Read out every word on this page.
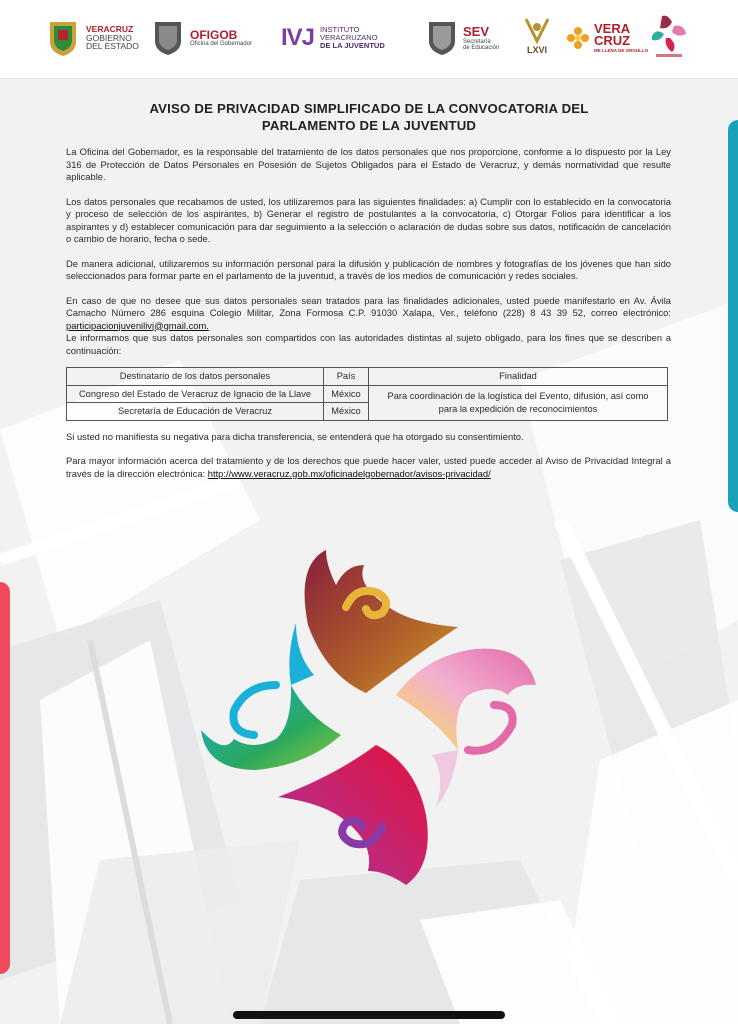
VERACRUZ
GOBIERNO
DEL ESTADO
OFIGOB
Oficina del Gobernador IVJ INSTITUTO
VERACRUZANO
DE LA JUVENTUD
SEV
Secretaría
de Educación	LXVI
VERA
CRUZ
ME LLENA DE ORGULLO
AVISO DE PRIVACIDAD SIMPLIFICADO DE LA CONVOCATORIA DEL
PARLAMENTO DE LA JUVENTUD

La Oficina del Gobernador, es la responsable del tratamiento de los datos personales que nos proporcione, conforme a lo dispuesto por la Ley 316 de Protección de Datos Personales en Posesión de Sujetos Obligados para el Estado de Veracruz, y demás normatividad que resulte aplicable.

Los datos personales que recabamos de usted, los utilizaremos para las siguientes finalidades: a) Cumplir con lo establecido en la convocatoria y proceso de selección de los aspirantes, b) Generar el registro de postulantes a la convocatoria, c) Otorgar Folios para identificar a los aspirantes y d) establecer comunicación para dar seguimiento a la selección o aclaración de dudas sobre sus datos, notificación de cancelación o cambio de horario, fecha o sede.

De manera adicional, utilizaremos su información personal para la difusión y publicación de nombres y fotografías de los jóvenes que han sido seleccionados para formar parte en el parlamento de la juventud, a través de los medios de comunicación y redes sociales.

En caso de que no desee que sus datos personales sean tratados para las finalidades adicionales, usted puede manifestarlo en Av. Ávila Camacho Número 286 esquina Colegio Militar, Zona Formosa C.P. 91030 Xalapa, Ver., teléfono (228) 8 43 39 52, correo electrónico: participacionjuvenilivj@gmail.com.

Le informamos que sus datos personales son compartidos con las autoridades distintas al sujeto obligado, para los fines que se describen a continuación:

Destinatario de los datos personales	País	Finalidad
Congreso del Estado de Veracruz de Ignacio de la Llave	México	Para coordinación de la logística del Evento, difusión, así como para la expedición de reconocimientos
Secretaría de Educación de Veracruz	México	

Si usted no manifiesta su negativa para dicha transferencia, se entenderá que ha otorgado su consentimiento.

Para mayor información acerca del tratamiento y de los derechos que puede hacer valer, usted puede acceder al Aviso de Privacidad Integral a través de la dirección electrónica: http://www.veracruz.gob.mx/oficinadelgobernador/avisos-privacidad/
